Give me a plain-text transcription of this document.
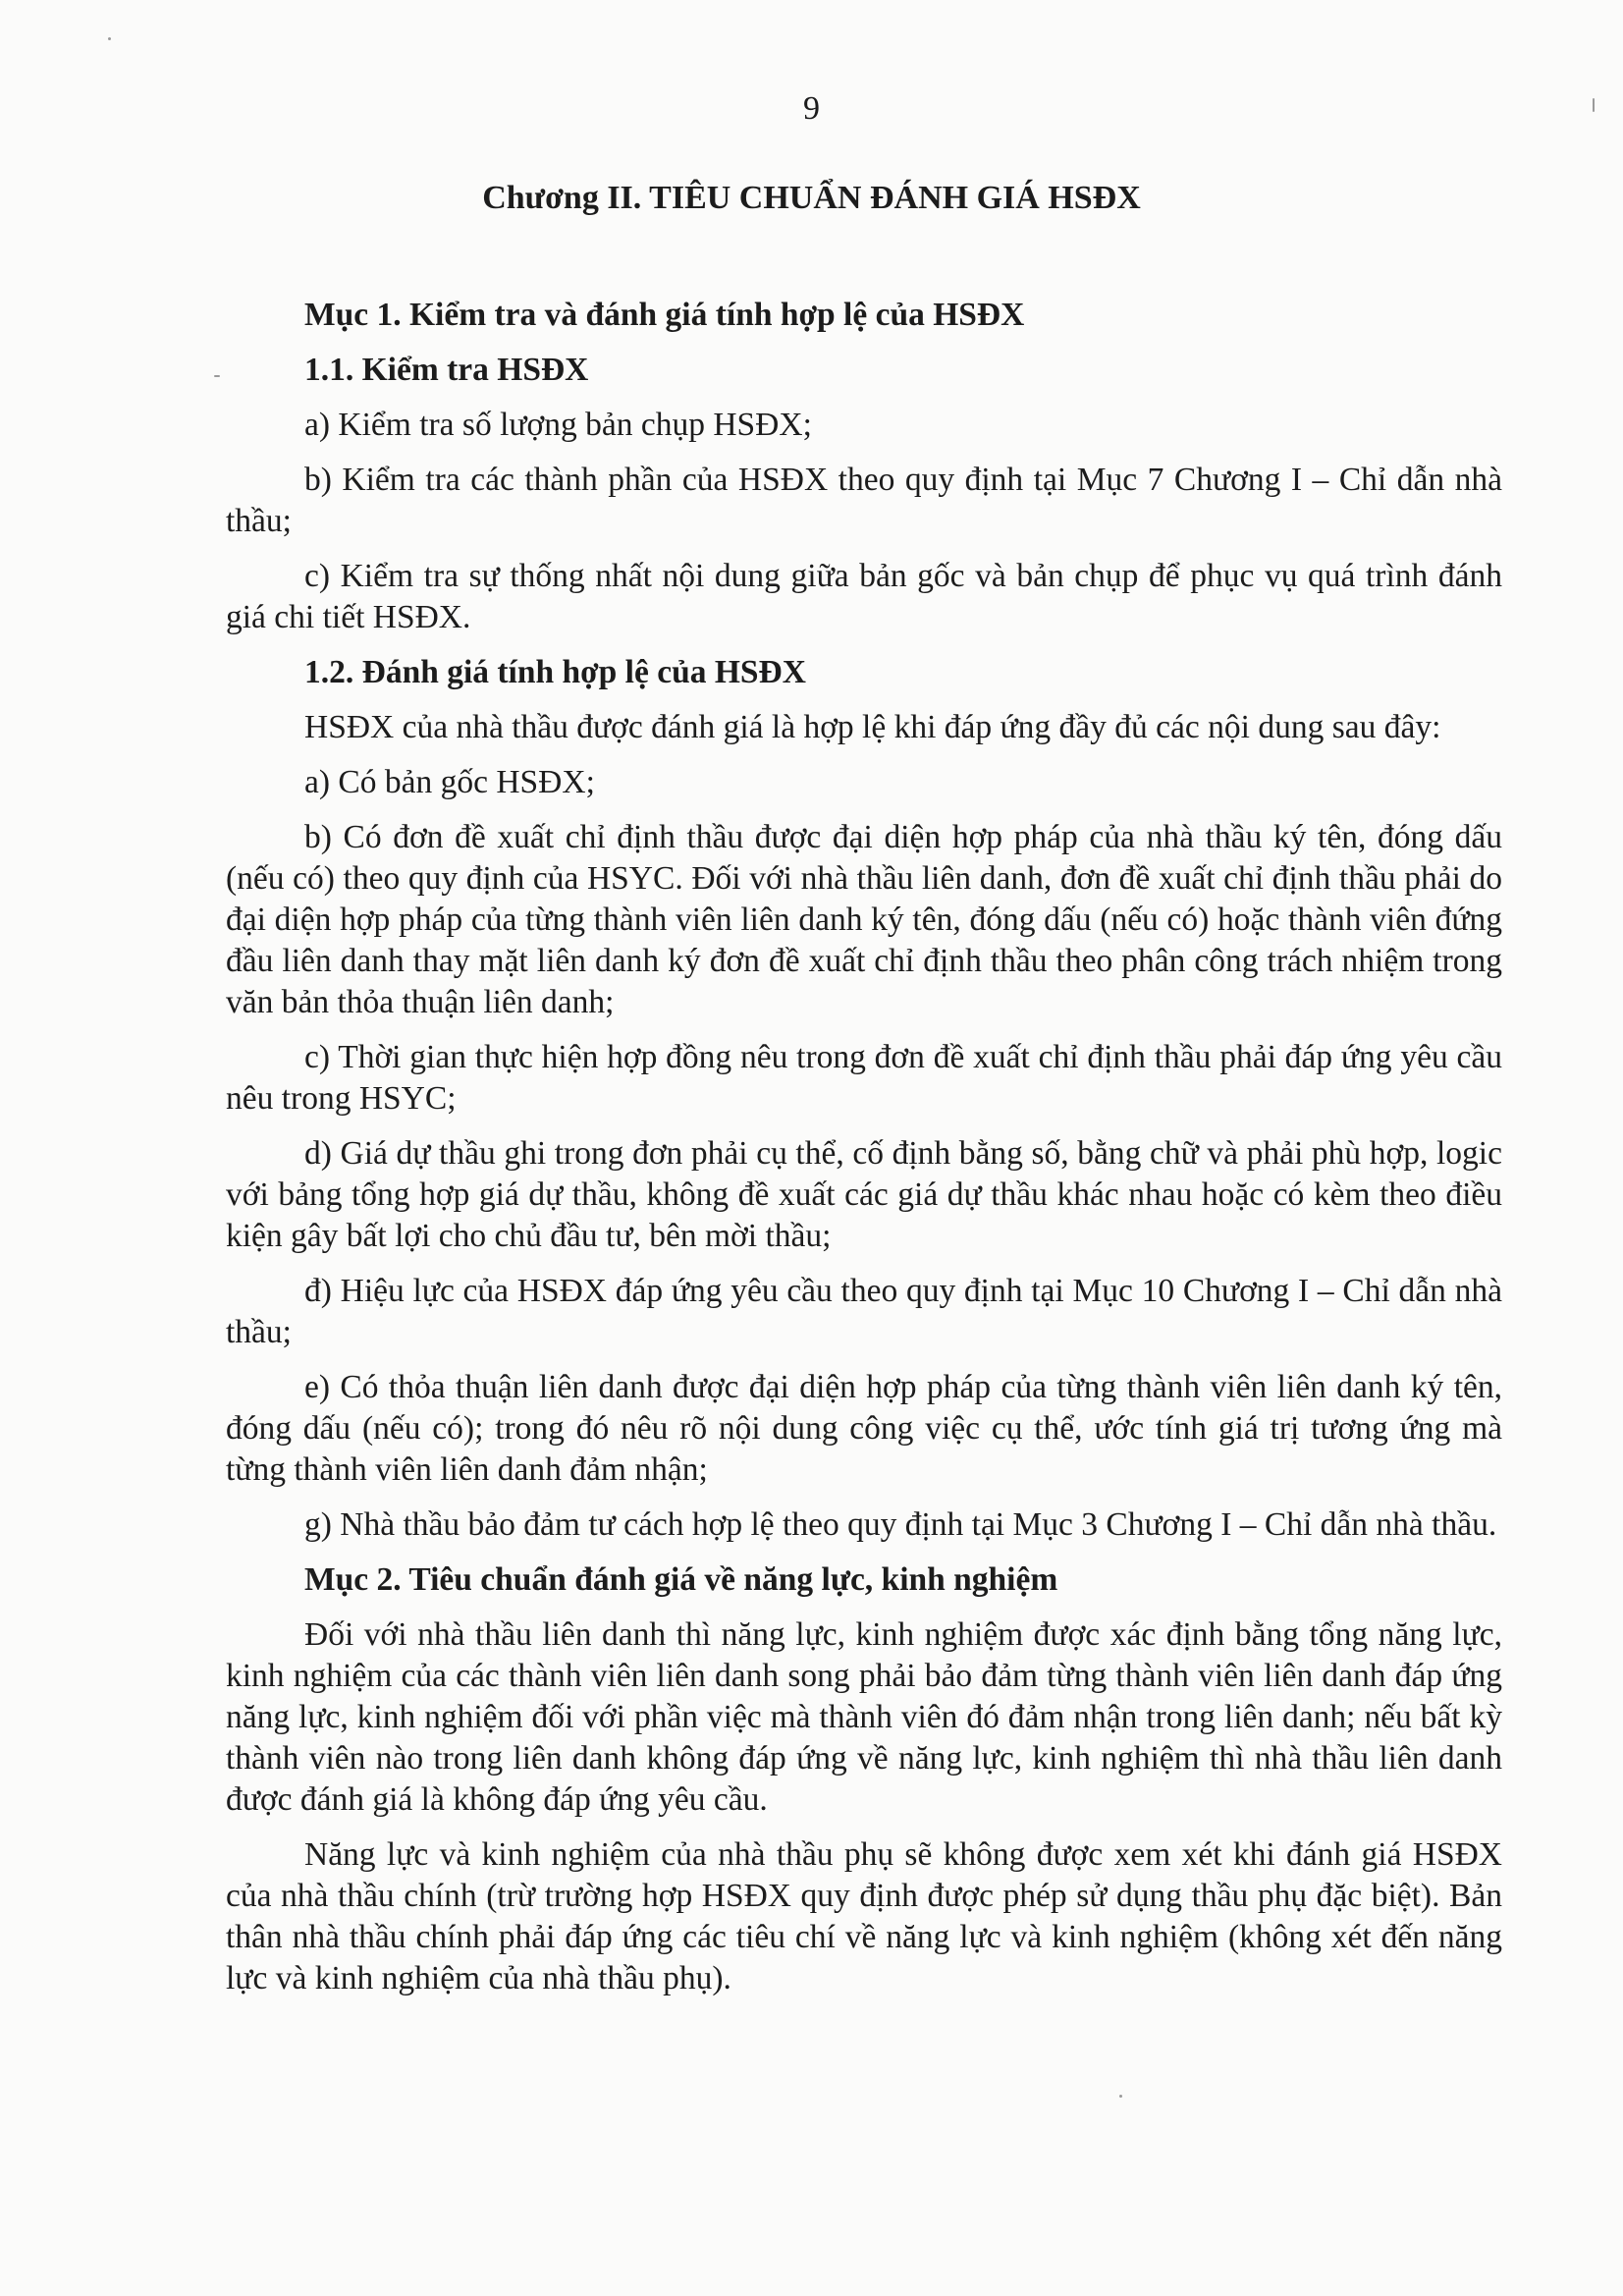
9
Chương II. TIÊU CHUẨN ĐÁNH GIÁ HSĐX

Mục 1. Kiểm tra và đánh giá tính hợp lệ của HSĐX

1.1. Kiểm tra HSĐX

a) Kiểm tra số lượng bản chụp HSĐX;

b) Kiểm tra các thành phần của HSĐX theo quy định tại Mục 7 Chương I – Chỉ dẫn nhà thầu;

c) Kiểm tra sự thống nhất nội dung giữa bản gốc và bản chụp để phục vụ quá trình đánh giá chi tiết HSĐX.

1.2. Đánh giá tính hợp lệ của HSĐX

HSĐX của nhà thầu được đánh giá là hợp lệ khi đáp ứng đầy đủ các nội dung sau đây:

a) Có bản gốc HSĐX;

b) Có đơn đề xuất chỉ định thầu được đại diện hợp pháp của nhà thầu ký tên, đóng dấu (nếu có) theo quy định của HSYC. Đối với nhà thầu liên danh, đơn đề xuất chỉ định thầu phải do đại diện hợp pháp của từng thành viên liên danh ký tên, đóng dấu (nếu có) hoặc thành viên đứng đầu liên danh thay mặt liên danh ký đơn đề xuất chỉ định thầu theo phân công trách nhiệm trong văn bản thỏa thuận liên danh;

c) Thời gian thực hiện hợp đồng nêu trong đơn đề xuất chỉ định thầu phải đáp ứng yêu cầu nêu trong HSYC;

d) Giá dự thầu ghi trong đơn phải cụ thể, cố định bằng số, bằng chữ và phải phù hợp, logic với bảng tổng hợp giá dự thầu, không đề xuất các giá dự thầu khác nhau hoặc có kèm theo điều kiện gây bất lợi cho chủ đầu tư, bên mời thầu;

đ) Hiệu lực của HSĐX đáp ứng yêu cầu theo quy định tại Mục 10 Chương I – Chỉ dẫn nhà thầu;

e) Có thỏa thuận liên danh được đại diện hợp pháp của từng thành viên liên danh ký tên, đóng dấu (nếu có); trong đó nêu rõ nội dung công việc cụ thể, ước tính giá trị tương ứng mà từng thành viên liên danh đảm nhận;

g) Nhà thầu bảo đảm tư cách hợp lệ theo quy định tại Mục 3 Chương I – Chỉ dẫn nhà thầu.

Mục 2. Tiêu chuẩn đánh giá về năng lực, kinh nghiệm

Đối với nhà thầu liên danh thì năng lực, kinh nghiệm được xác định bằng tổng năng lực, kinh nghiệm của các thành viên liên danh song phải bảo đảm từng thành viên liên danh đáp ứng năng lực, kinh nghiệm đối với phần việc mà thành viên đó đảm nhận trong liên danh; nếu bất kỳ thành viên nào trong liên danh không đáp ứng về năng lực, kinh nghiệm thì nhà thầu liên danh được đánh giá là không đáp ứng yêu cầu.

Năng lực và kinh nghiệm của nhà thầu phụ sẽ không được xem xét khi đánh giá HSĐX của nhà thầu chính (trừ trường hợp HSĐX quy định được phép sử dụng thầu phụ đặc biệt). Bản thân nhà thầu chính phải đáp ứng các tiêu chí về năng lực và kinh nghiệm (không xét đến năng lực và kinh nghiệm của nhà thầu phụ).
